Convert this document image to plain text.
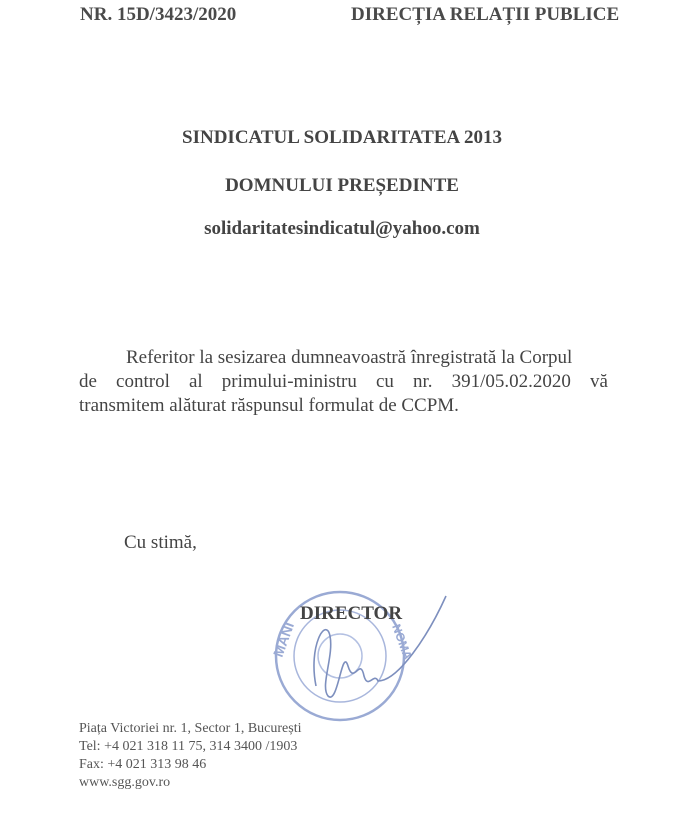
NR. 15D/3423/2020	DIRECȚIA RELAȚII PUBLICE
SINDICATUL SOLIDARITATEA 2013
DOMNULUI PREȘEDINTE
solidaritatesindicatul@yahoo.com
Referitor la sesizarea dumneavoastră înregistrată la Corpul
de control al primului-ministru cu nr. 391/05.02.2020 vă
transmitem alăturat răspunsul formulat de CCPM.
Cu stimă,
MANI	NOMA
DIRECTOR
Piața Victoriei nr. 1, Sector 1, București
Tel: +4 021 318 11 75, 314 3400 /1903
Fax: +4 021 313 98 46
www.sgg.gov.ro
